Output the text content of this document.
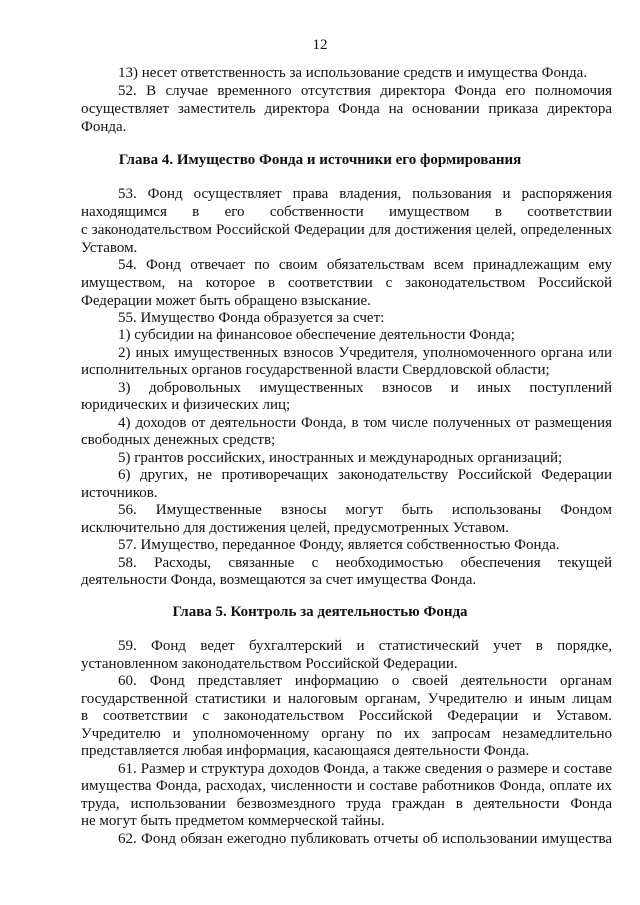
12
13) несет ответственность за использование средств и имущества Фонда.
52. В случае временного отсутствия директора Фонда его полномочия
осуществляет заместитель директора Фонда на основании приказа директора
Фонда.
Глава 4. Имущество Фонда и источники его формирования
53. Фонд осуществляет права владения, пользования и распоряжения
находящимся в его собственности имуществом в соответствии
с законодательством Российской Федерации для достижения целей, определенных
Уставом.
54. Фонд отвечает по своим обязательствам всем принадлежащим ему
имуществом, на которое в соответствии с законодательством Российской
Федерации может быть обращено взыскание.
55. Имущество Фонда образуется за счет:
1) субсидии на финансовое обеспечение деятельности Фонда;
2) иных имущественных взносов Учредителя, уполномоченного органа или
исполнительных органов государственной власти Свердловской области;
3) добровольных имущественных взносов и иных поступлений
юридических и физических лиц;
4) доходов от деятельности Фонда, в том числе полученных от размещения
свободных денежных средств;
5) грантов российских, иностранных и международных организаций;
6) других, не противоречащих законодательству Российской Федерации
источников.
56. Имущественные взносы могут быть использованы Фондом
исключительно для достижения целей, предусмотренных Уставом.
57. Имущество, переданное Фонду, является собственностью Фонда.
58. Расходы, связанные с необходимостью обеспечения текущей
деятельности Фонда, возмещаются за счет имущества Фонда.
Глава 5. Контроль за деятельностью Фонда
59. Фонд ведет бухгалтерский и статистический учет в порядке,
установленном законодательством Российской Федерации.
60. Фонд представляет информацию о своей деятельности органам
государственной статистики и налоговым органам, Учредителю и иным лицам
в соответствии с законодательством Российской Федерации и Уставом.
Учредителю и уполномоченному органу по их запросам незамедлительно
представляется любая информация, касающаяся деятельности Фонда.
61. Размер и структура доходов Фонда, а также сведения о размере и составе
имущества Фонда, расходах, численности и составе работников Фонда, оплате их
труда, использовании безвозмездного труда граждан в деятельности Фонда
не могут быть предметом коммерческой тайны.
62. Фонд обязан ежегодно публиковать отчеты об использовании имущества
